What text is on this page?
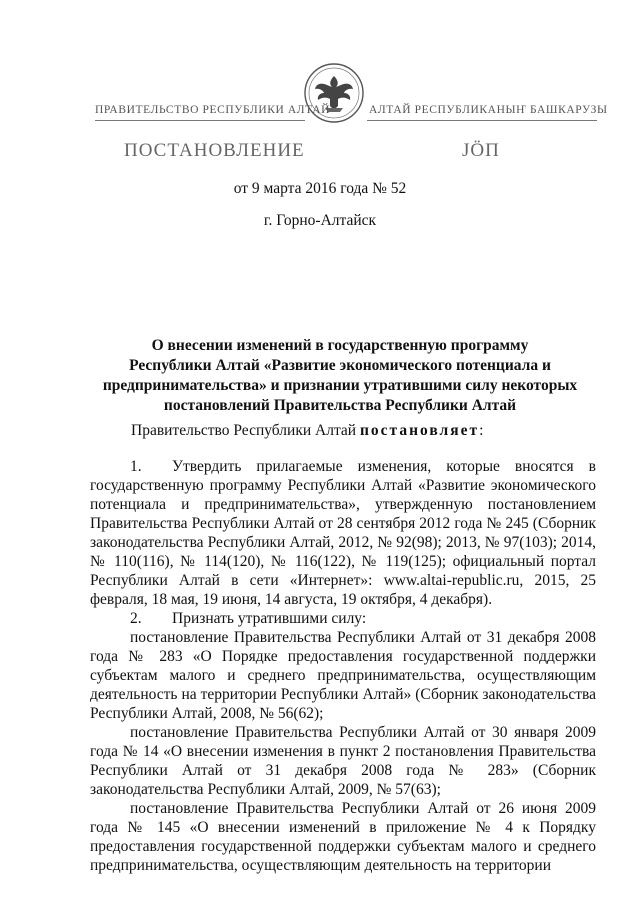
ПРАВИТЕЛЬСТВО РЕСПУБЛИКИ АЛТАЙ	АЛТАЙ РЕСПУБЛИКАНЫҤ БАШКАРУЗЫ
ПОСТАНОВЛЕНИЕ	ЈӦП
от 9 марта 2016 года № 52
г. Горно-Алтайск
О внесении изменений в государственную программу
Республики Алтай «Развитие экономического потенциала и
предпринимательства» и признании утратившими силу некоторых
постановлений Правительства Республики Алтай
Правительство Республики Алтай постановляет:

1. Утвердить прилагаемые изменения, которые вносятся в государственную программу Республики Алтай «Развитие экономического потенциала и предпринимательства», утвержденную постановлением Правительства Республики Алтай от 28 сентября 2012 года № 245 (Сборник законодательства Республики Алтай, 2012, № 92(98); 2013, № 97(103); 2014, № 110(116), № 114(120), № 116(122), № 119(125); официальный портал Республики Алтай в сети «Интернет»: www.altai-republic.ru, 2015, 25 февраля, 18 мая, 19 июня, 14 августа, 19 октября, 4 декабря).

2. Признать утратившими силу:

постановление Правительства Республики Алтай от 31 декабря 2008 года № 283 «О Порядке предоставления государственной поддержки субъектам малого и среднего предпринимательства, осуществляющим деятельность на территории Республики Алтай» (Сборник законодательства Республики Алтай, 2008, № 56(62);

постановление Правительства Республики Алтай от 30 января 2009 года № 14 «О внесении изменения в пункт 2 постановления Правительства Республики Алтай от 31 декабря 2008 года № 283» (Сборник законодательства Республики Алтай, 2009, № 57(63);

постановление Правительства Республики Алтай от 26 июня 2009 года № 145 «О внесении изменений в приложение № 4 к Порядку предоставления государственной поддержки субъектам малого и среднего предпринимательства, осуществляющим деятельность на территории
